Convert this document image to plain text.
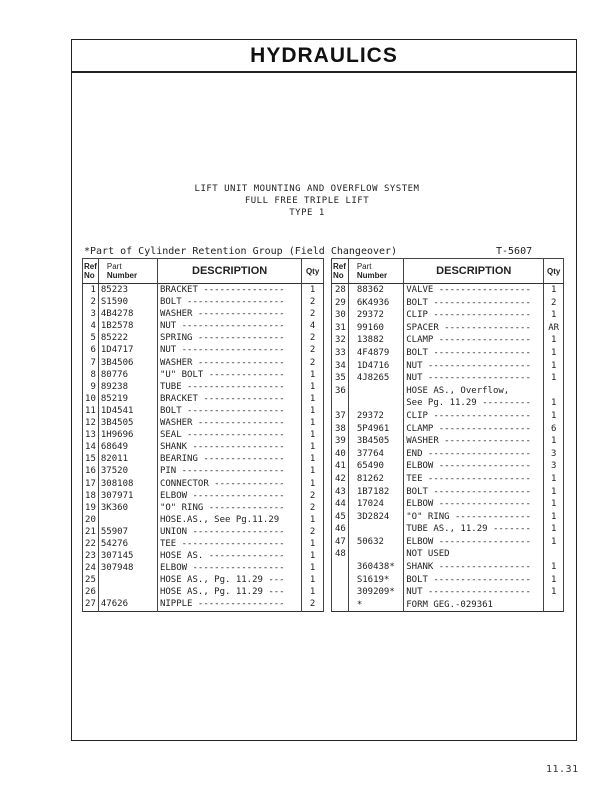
HYDRAULICS
LIFT UNIT MOUNTING AND OVERFLOW SYSTEM
FULL FREE TRIPLE LIFT
TYPE 1
*Part of Cylinder Retention Group (Field Changeover)	T-5607
Ref
No	Part
Number	DESCRIPTION	Qty
1	85223	BRACKET ---------------	1
2	S1590	BOLT ------------------	2
3	4B4278	WASHER ----------------	2
4	1B2578	NUT -------------------	4
5	85222	SPRING ----------------	2
6	1D4717	NUT -------------------	2
7	3B4506	WASHER ----------------	2
8	80776	"U" BOLT --------------	1
9	89238	TUBE ------------------	1
10	85219	BRACKET ---------------	1
11	1D4541	BOLT ------------------	1
12	3B4505	WASHER ----------------	1
13	1H9696	SEAL ------------------	1
14	68649	SHANK -----------------	1
15	82011	BEARING ---------------	1
16	37520	PIN -------------------	1
17	308108	CONNECTOR -------------	1
18	307971	ELBOW -----------------	2
19	3K360	"O" RING --------------	2
20		HOSE.AS., See Pg.11.29	1
21	55907	UNION -----------------	2
22	54276	TEE -------------------	1
23	307145	HOSE AS. --------------	1
24	307948	ELBOW -----------------	1
25		HOSE AS., Pg. 11.29 ---	1
26		HOSE AS., Pg. 11.29 ---	1
27	47626	NIPPLE ----------------	2
Ref
No	Part
Number	DESCRIPTION	Qty
28	88362	VALVE -----------------	1
29	6K4936	BOLT ------------------	2
30	29372	CLIP ------------------	1
31	99160	SPACER ----------------	AR
32	13882	CLAMP -----------------	1
33	4F4879	BOLT ------------------	1
34	1D4716	NUT -------------------	1
35	4J8265	NUT -------------------	1
36		HOSE AS., Overflow,	
		See Pg. 11.29 ---------	1
37	29372	CLIP ------------------	1
38	5P4961	CLAMP -----------------	6
39	3B4505	WASHER ----------------	1
40	37764	END -------------------	3
41	65490	ELBOW -----------------	3
42	81262	TEE -------------------	1
43	1B7182	BOLT ------------------	1
44	17024	ELBOW -----------------	1
45	3D2824	"O" RING --------------	1
46		TUBE AS., 11.29 -------	1
47	50632	ELBOW -----------------	1
48		NOT USED	
	360438*	SHANK -----------------	1
	S1619*	BOLT ------------------	1
	309209*	NUT -------------------	1
	*	FORM GEG.-029361	
11.31
